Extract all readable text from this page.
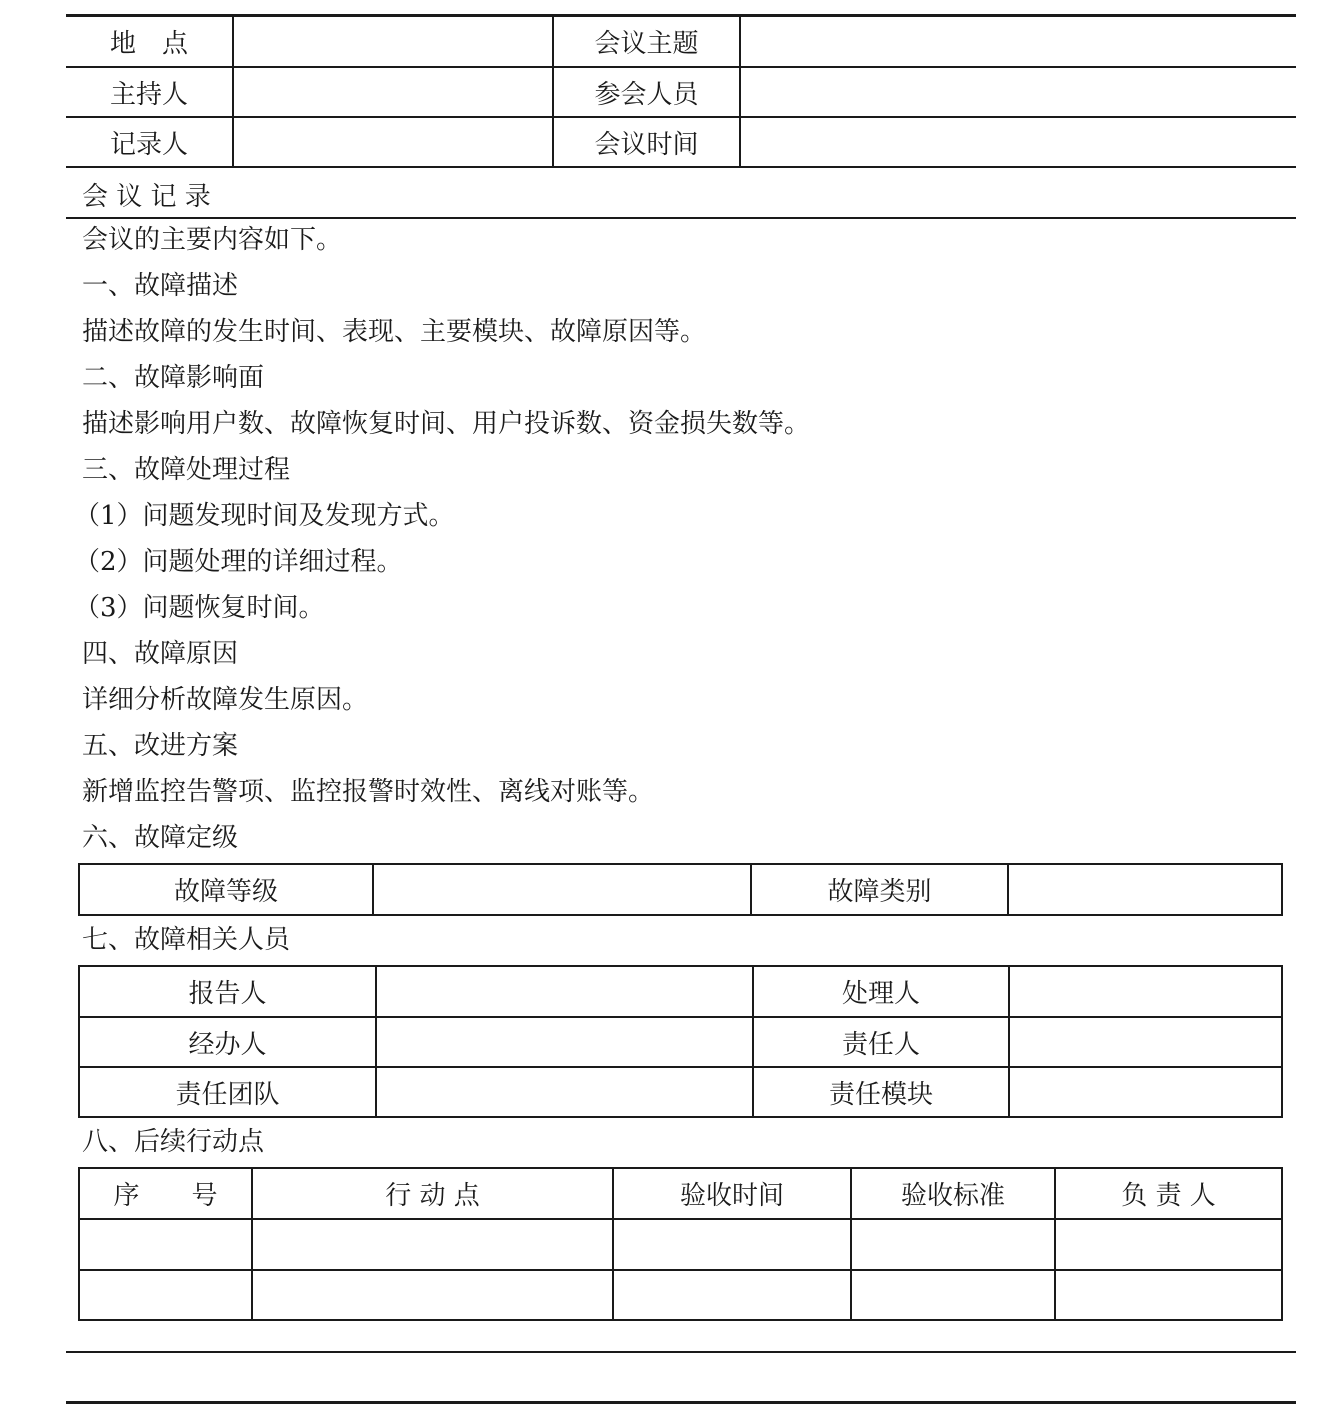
地　点	会议主题
主持人	参会人员
记录人	会议时间
会 议 记 录
会议的主要内容如下。
一、故障描述
描述故障的发生时间、表现、主要模块、故障原因等。
二、故障影响面
描述影响用户数、故障恢复时间、用户投诉数、资金损失数等。
三、故障处理过程
（1）问题发现时间及发现方式。
（2）问题处理的详细过程。
（3）问题恢复时间。
四、故障原因
详细分析故障发生原因。
五、改进方案
新增监控告警项、监控报警时效性、离线对账等。
六、故障定级
故障等级	故障类别
七、故障相关人员
报告人	处理人
经办人	责任人
责任团队	责任模块
八、后续行动点
序　　号	行 动 点	验收时间	验收标准	负 责 人
